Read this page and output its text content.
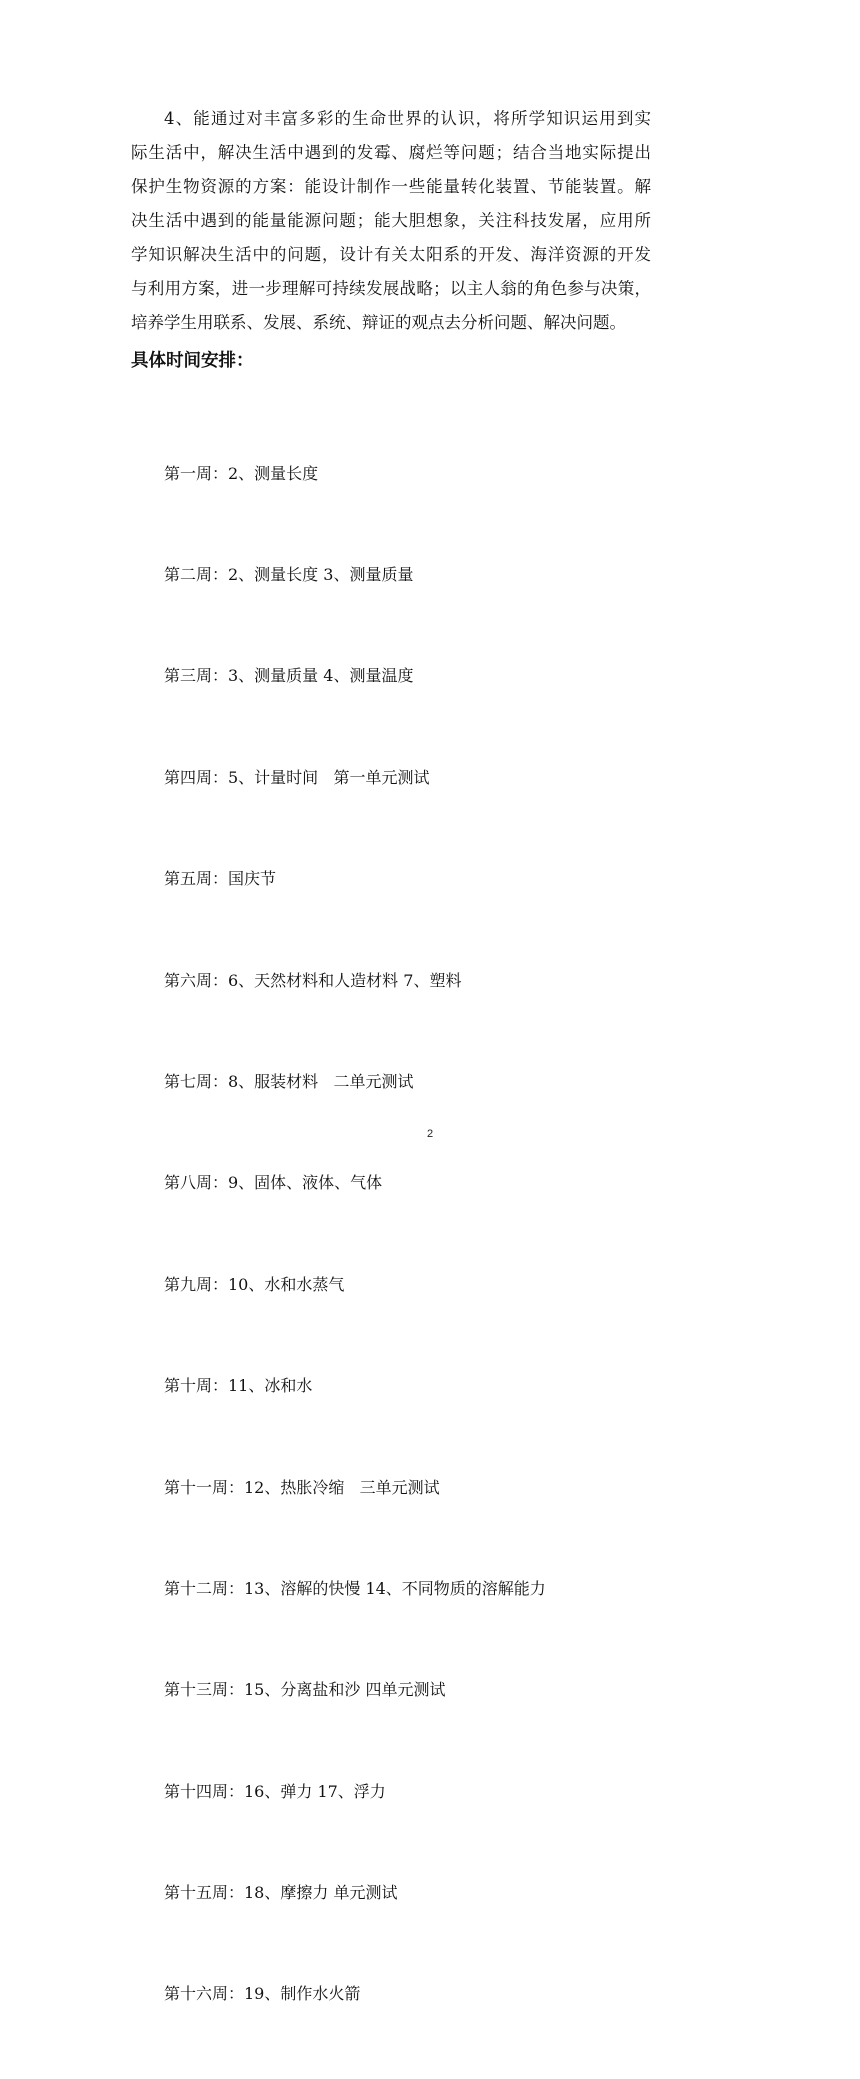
4、能通过对丰富多彩的生命世界的认识，将所学知识运用到实
际生活中，解决生活中遇到的发霉、腐烂等问题；结合当地实际提出
保护生物资源的方案：能设计制作一些能量转化装置、节能装置。解
决生活中遇到的能量能源问题；能大胆想象，关注科技发屠，应用所
学知识解决生活中的问题，设计有关太阳系的开发、海洋资源的开发
与利用方案，进一步理解可持续发展战略；以主人翁的角色参与决策，
培养学生用联系、发展、系统、辩证的观点去分析问题、解决问题。

具体时间安排：

第一周：2、测量长度

第二周：2、测量长度 3、测量质量

第三周：3、测量质量 4、测量温度

第四周：5、计量时间   第一单元测试

第五周：国庆节

第六周：6、天然材料和人造材料 7、塑料

第七周：8、服装材料   二单元测试

第八周：9、固体、液体、气体

第九周：10、水和水蒸气

第十周：11、冰和水

第十一周：12、热胀冷缩   三单元测试

第十二周：13、溶解的快慢 14、不同物质的溶解能力

第十三周：15、分离盐和沙 四单元测试

第十四周：16、弹力 17、浮力

第十五周：18、摩擦力 单元测试

第十六周：19、制作水火箭

2
